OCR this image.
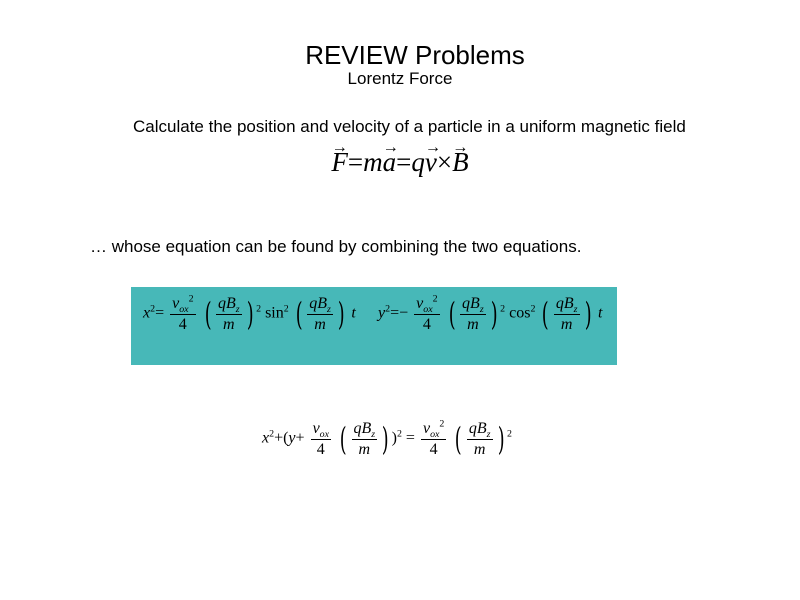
REVIEW Problems
Lorentz Force
Calculate the position and velocity of a particle in a uniform magnetic field
→ F=m→ a=q→ v×→ B
… whose equation can be found by combining the two equations.
$x^2= \frac{v_{ox}^2}{4}$
( $\frac{qB_z}{m}$ ) $^2$ $\sin^2$ ( $\frac{qB_z}{m}$ ) t $y^2=- \frac{v_{ox}^2}{4}$
( $\frac{qB_z}{m}$ ) $^2$ $\cos^2$ ( $\frac{qB_z}{m}$ ) t
$x^2+(y+ \frac{v_{ox}}{4}$
( $\frac{qB_z}{m}$ ) )$^2 = \frac{v_{ox}^2}{4}$
( $\frac{qB_z}{m}$ ) $^2$
